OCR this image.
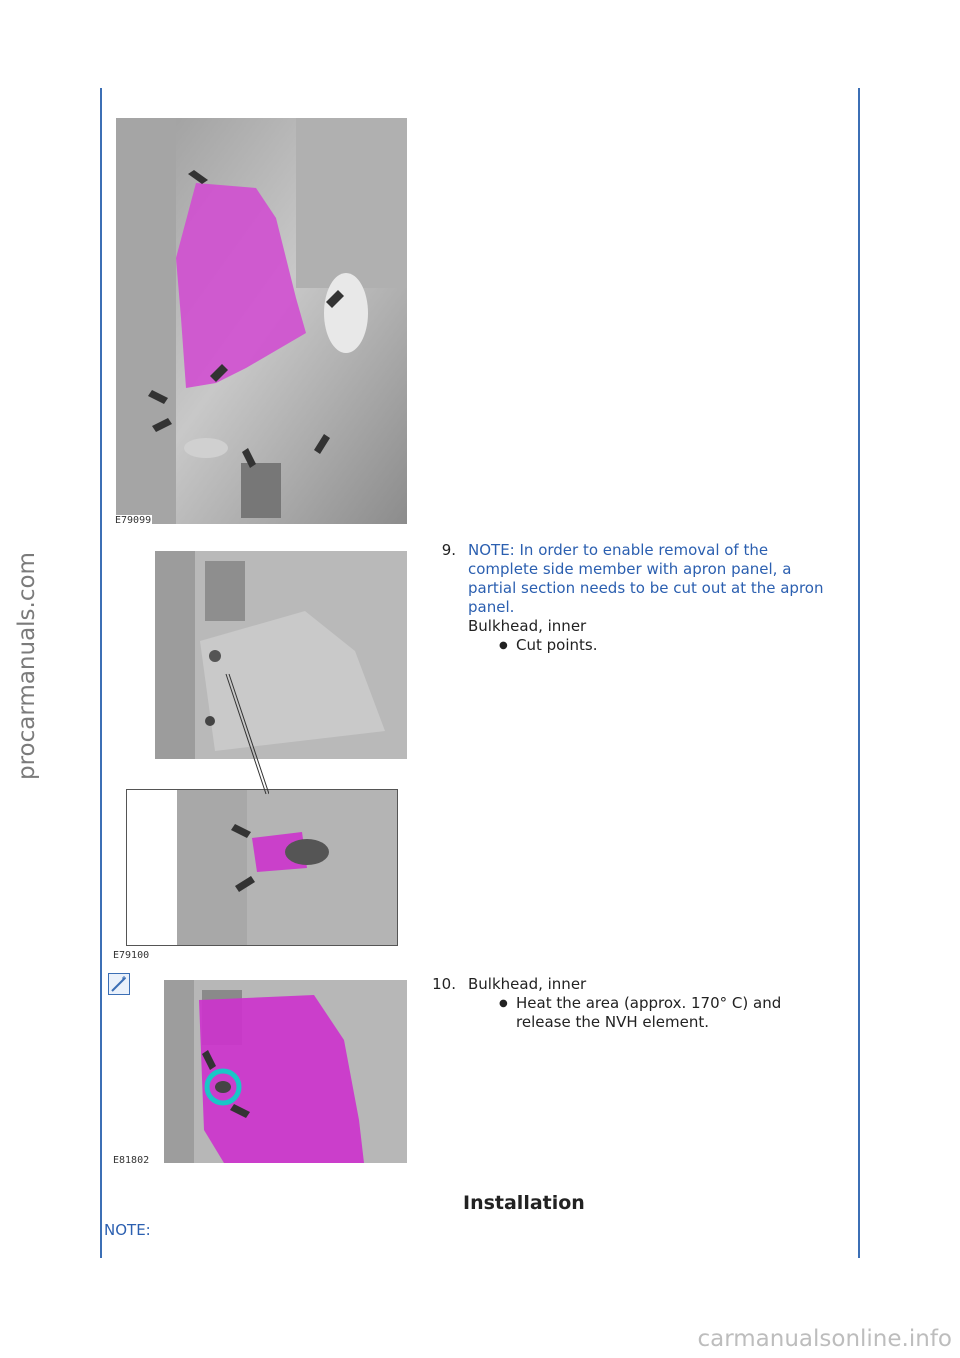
procarmanuals.com
E79099
E79100
E81802
9. NOTE: In order to enable removal of the complete side member with apron panel, a partial section needs to be cut out at the apron panel.
Bulkhead, inner
● Cut points.
10. Bulkhead, inner
● Heat the area (approx. 170° C) and release the NVH element.
Installation
NOTE:
carmanualsonline.info
